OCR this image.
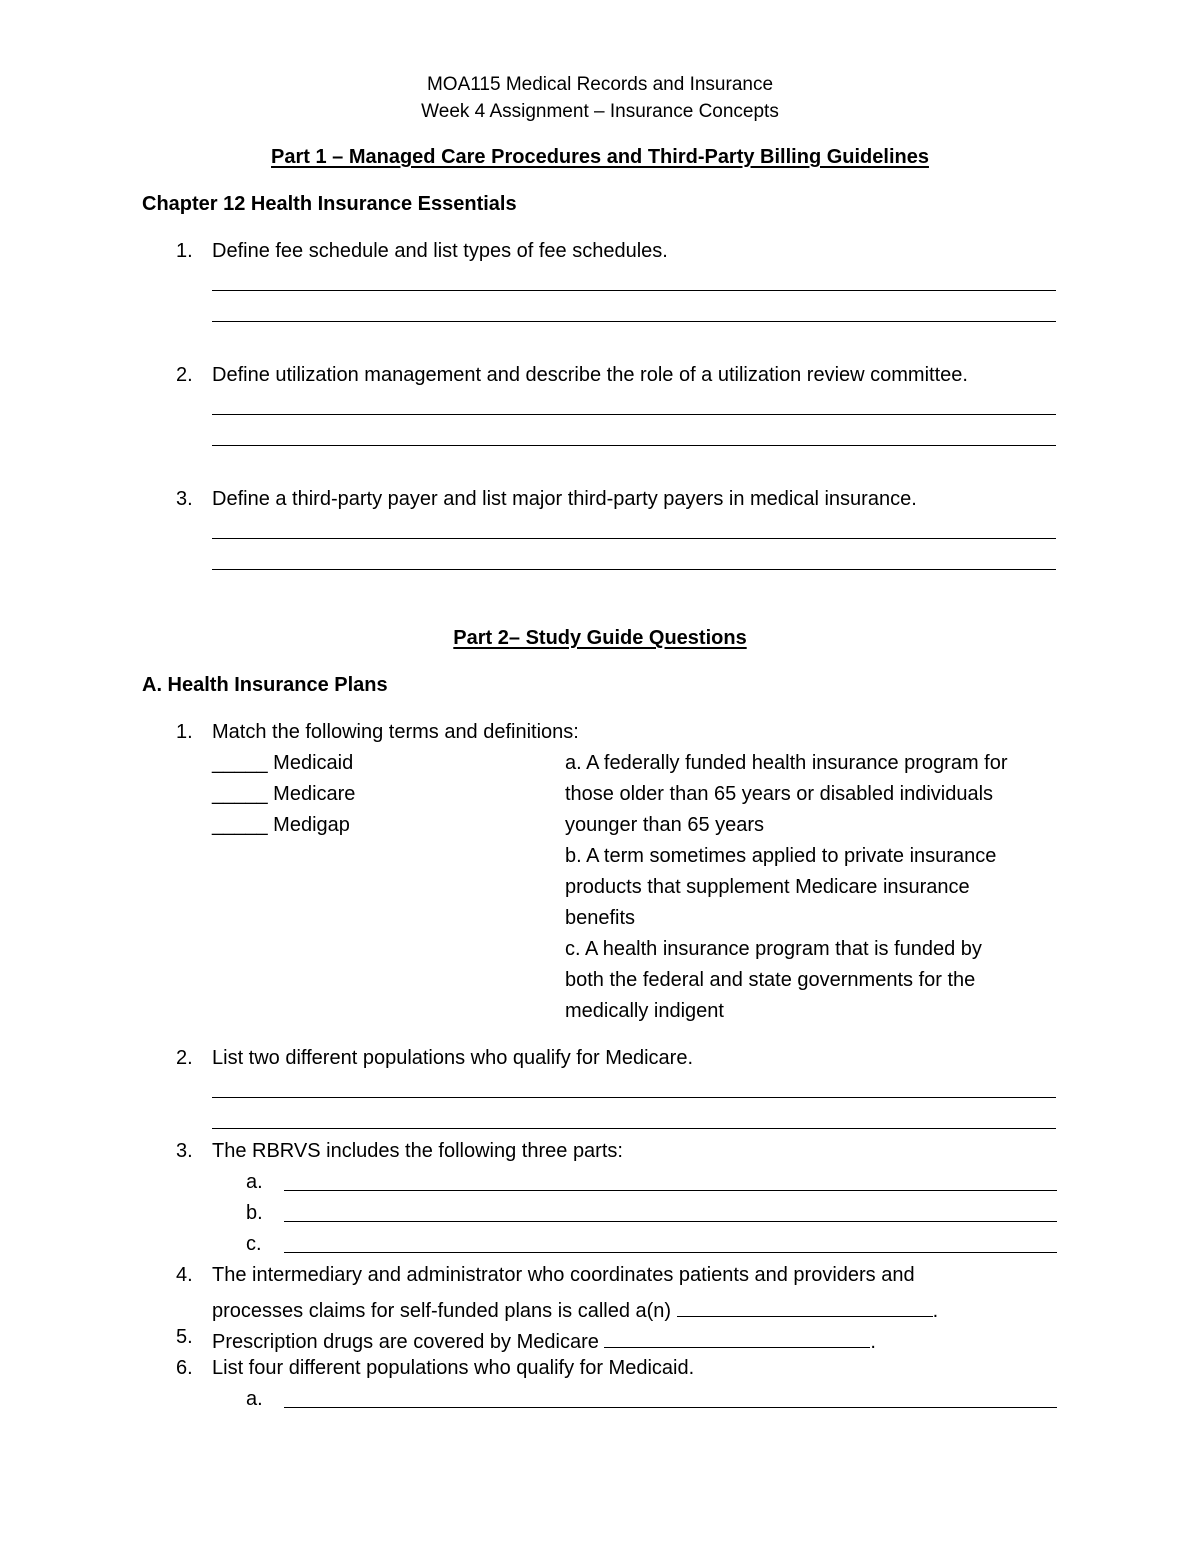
MOA115 Medical Records and Insurance
Week 4 Assignment – Insurance Concepts
Part 1 – Managed Care Procedures and Third-Party Billing Guidelines
Chapter 12 Health Insurance Essentials
1. Define fee schedule and list types of fee schedules.
2. Define utilization management and describe the role of a utilization review committee.
3. Define a third-party payer and list major third-party payers in medical insurance.
Part 2– Study Guide Questions
A. Health Insurance Plans
1. Match the following terms and definitions:
_____ Medicaid
_____ Medicare
_____ Medigap
a. A federally funded health insurance program for
those older than 65 years or disabled individuals
younger than 65 years
b. A term sometimes applied to private insurance
products that supplement Medicare insurance
benefits
c. A health insurance program that is funded by
both the federal and state governments for the
medically indigent
2. List two different populations who qualify for Medicare.
3. The RBRVS includes the following three parts:
a.
b.
c.
4. The intermediary and administrator who coordinates patients and providers and
processes claims for self-funded plans is called a(n)	.
5. Prescription drugs are covered by Medicare	.
6. List four different populations who qualify for Medicaid.
a.
